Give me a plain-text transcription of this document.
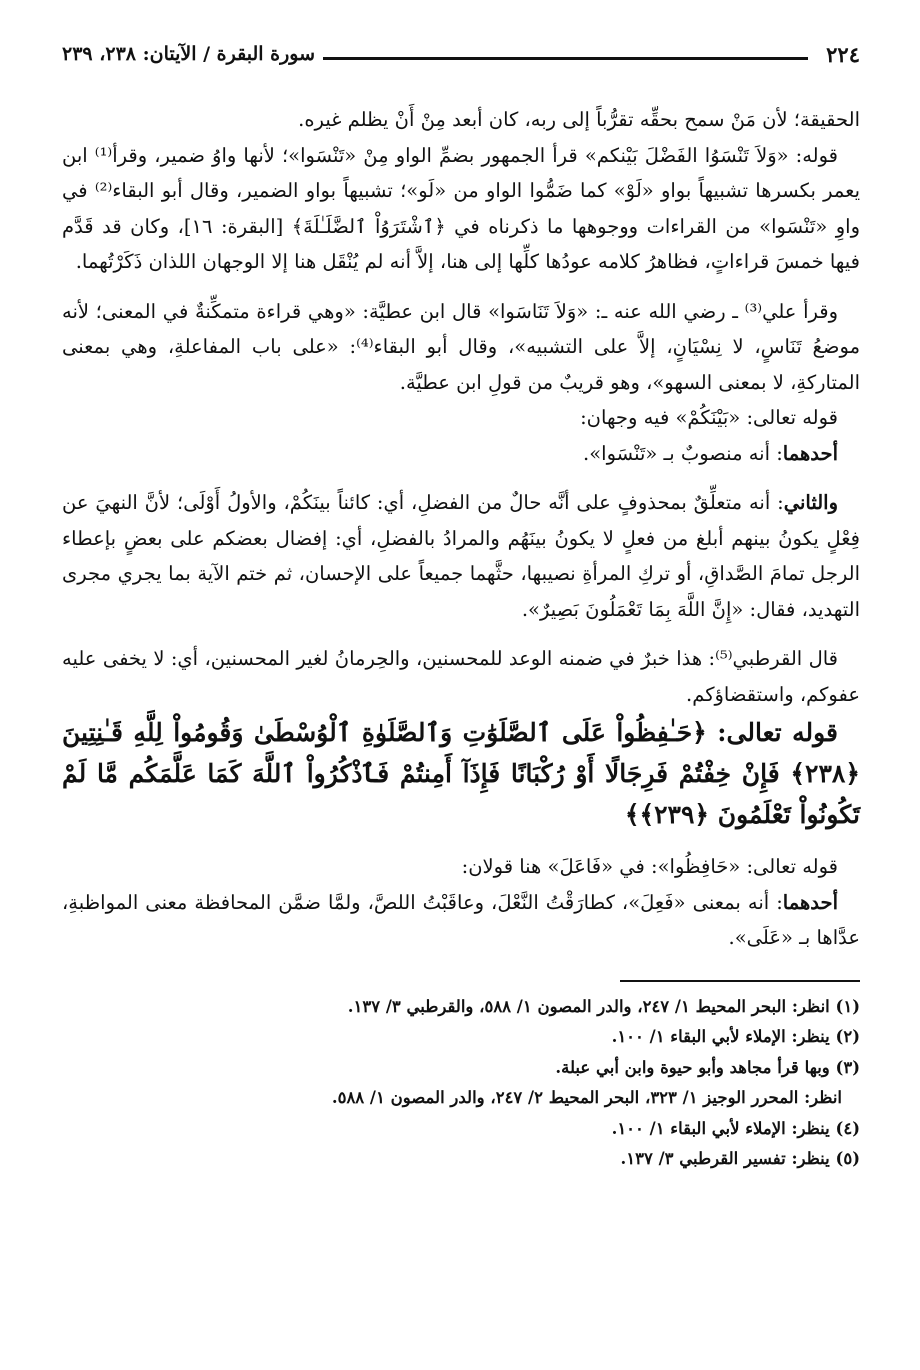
٢٢٤
سورة البقرة / الآيتان: ٢٣٨، ٢٣٩

الحقيقة؛ لأن مَنْ سمح بحقِّه تقرُّباً إلى ربه، كان أبعد مِنْ أَنْ يظلم غيره.

قوله: «وَلاَ تَنْسَوُا الفَضْلَ بَيْنكم» قرأ الجمهور بضمِّ الواو مِنْ «تَنْسَوا»؛ لأنها واوُ ضمير، وقرأ⁽¹⁾ ابن يعمر بكسرها تشبيهاً بواو «لَوْ» كما ضَمُّوا الواو من «لَو»؛ تشبيهاً بواو الضمير، وقال أبو البقاء⁽²⁾ في واوِ «تَنْسَوا» من القراءات ووجوهها ما ذكرناه في ﴿ٱشْتَرَوُاْ ٱلضَّلَـٰلَةَ﴾ [البقرة: ١٦]، وكان قد قَدَّم فيها خمسَ قراءاتٍ، فظاهرُ كلامه عودُها كلِّها إلى هنا، إلاَّ أنه لم يُنْقَل هنا إلا الوجهان اللذان ذَكَرْتُهما.

وقرأ علي⁽³⁾ ـ رضي الله عنه ـ: «وَلاَ تَنَاسَوا» قال ابن عطيَّة: «وهي قراءة متمكِّنةٌ في المعنى؛ لأنه موضعُ تَنَاسٍ، لا نِسْيَانٍ، إلاَّ على التشبيه»، وقال أبو البقاء⁽⁴⁾: «على باب المفاعلةِ، وهي بمعنى المتاركةِ، لا بمعنى السهو»، وهو قريبٌ من قولِ ابن عطيَّة.

قوله تعالى: «بَيْنَكُمْ» فيه وجهان:

أحدهما: أنه منصوبٌ بـ «تَنْسَوا».

والثاني: أنه متعلِّقٌ بمحذوفٍ على أنَّه حالٌ من الفضلِ، أي: كائناً بينَكُمْ، والأولُ أَوْلَى؛ لأنَّ النهيَ عن فِعْلٍ يكونُ بينهم أبلغ من فعلٍ لا يكونُ بينَهُم والمرادُ بالفضلِ، أي: إفضال بعضكم على بعضٍ بإعطاء الرجل تمامَ الصَّداقِ، أو تركِ المرأةِ نصيبها، حثَّهما جميعاً على الإحسان، ثم ختم الآية بما يجري مجرى التهديد، فقال: «إِنَّ اللَّهَ بِمَا تَعْمَلُونَ بَصِيرٌ».

قال القرطبي⁽⁵⁾: هذا خبرٌ في ضمنه الوعد للمحسنين، والحِرمانُ لغير المحسنين، أي: لا يخفى عليه عفوكم، واستقضاؤكم.

قوله تعالى: ﴿حَـٰفِظُواْ عَلَى ٱلصَّلَوَٰتِ وَٱلصَّلَوٰةِ ٱلْوُسْطَىٰ وَقُومُواْ لِلَّهِ قَـٰنِتِينَ ﴿٢٣٨﴾ فَإِنْ خِفْتُمْ فَرِجَالًا أَوْ رُكْبَانًا فَإِذَآ أَمِنتُمْ فَٱذْكُرُواْ ٱللَّهَ كَمَا عَلَّمَكُم مَّا لَمْ تَكُونُواْ تَعْلَمُونَ ﴿٢٣٩﴾﴾

قوله تعالى: «حَافِظُوا»: في «فَاعَلَ» هنا قولان:

أحدهما: أنه بمعنى «فَعِلَ»، كطارَقْتُ النَّعْلَ، وعاقَبْتُ اللصَّ، ولمَّا ضمَّن المحافظة معنى المواظبةِ، عدَّاها بـ «عَلَى».

(١) انظر: البحر المحيط ١/ ٢٤٧، والدر المصون ١/ ٥٨٨، والقرطبي ٣/ ١٣٧.
(٢) ينظر: الإملاء لأبي البقاء ١/ ١٠٠.
(٣) وبها قرأ مجاهد وأبو حيوة وابن أبي عبلة.
انظر: المحرر الوجيز ١/ ٣٢٣، البحر المحيط ٢/ ٢٤٧، والدر المصون ١/ ٥٨٨.
(٤) ينظر: الإملاء لأبي البقاء ١/ ١٠٠.
(٥) ينظر: تفسير القرطبي ٣/ ١٣٧.
